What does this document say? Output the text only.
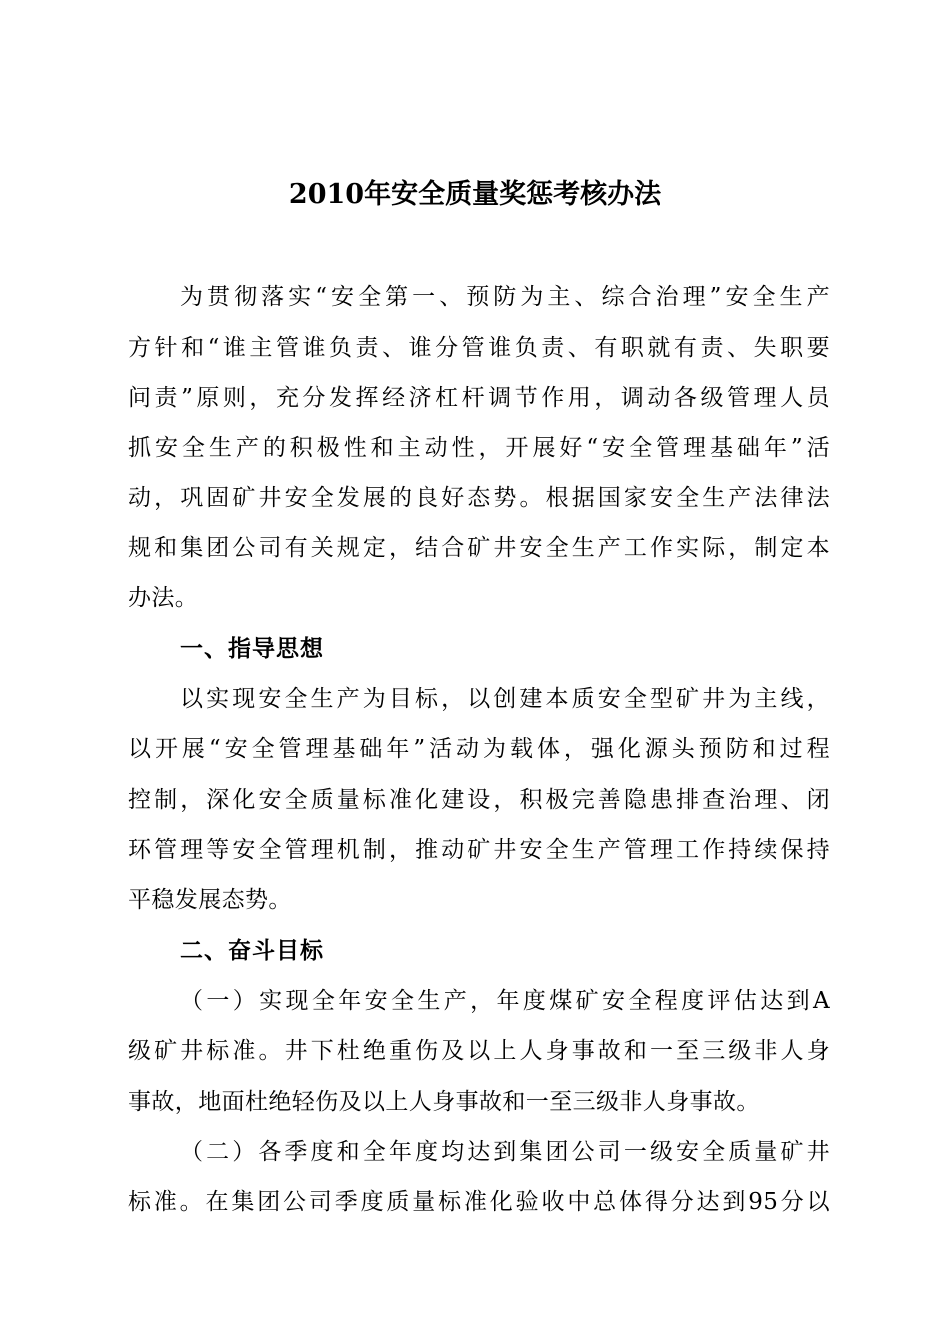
2010年安全质量奖惩考核办法
为贯彻落实“安全第一、预防为主、综合治理”安全生产
方针和“谁主管谁负责、谁分管谁负责、有职就有责、失职要
问责”原则，充分发挥经济杠杆调节作用，调动各级管理人员
抓安全生产的积极性和主动性，开展好“安全管理基础年”活
动，巩固矿井安全发展的良好态势。根据国家安全生产法律法
规和集团公司有关规定，结合矿井安全生产工作实际，制定本
办法。
一、指导思想
以实现安全生产为目标，以创建本质安全型矿井为主线，
以开展“安全管理基础年”活动为载体，强化源头预防和过程
控制，深化安全质量标准化建设，积极完善隐患排查治理、闭
环管理等安全管理机制，推动矿井安全生产管理工作持续保持
平稳发展态势。
二、奋斗目标
（一）实现全年安全生产，年度煤矿安全程度评估达到A
级矿井标准。井下杜绝重伤及以上人身事故和一至三级非人身
事故，地面杜绝轻伤及以上人身事故和一至三级非人身事故。
（二）各季度和全年度均达到集团公司一级安全质量矿井
标准。在集团公司季度质量标准化验收中总体得分达到95分以
